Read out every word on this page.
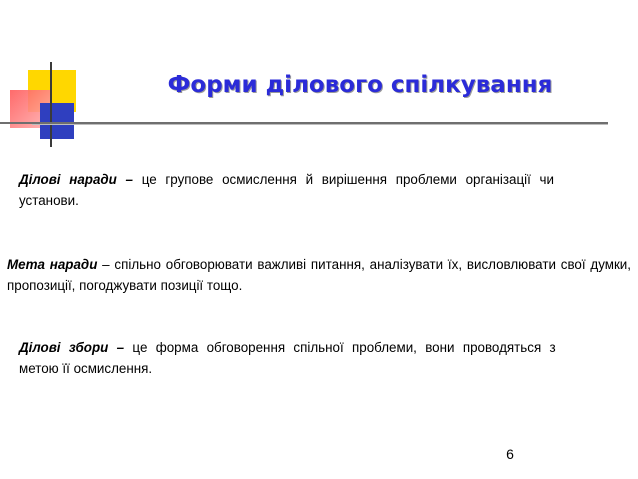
Форми ділового спілкування
Ділові наради – це групове осмислення й вирішення проблеми організації чи установи.
Мета наради – спільно обговорювати важливі питання, аналізувати їх, висловлювати свої думки, пропозиції, погоджувати позиції тощо.
Ділові збори – це форма обговорення спільної проблеми, вони проводяться з
метою її осмислення.
6
